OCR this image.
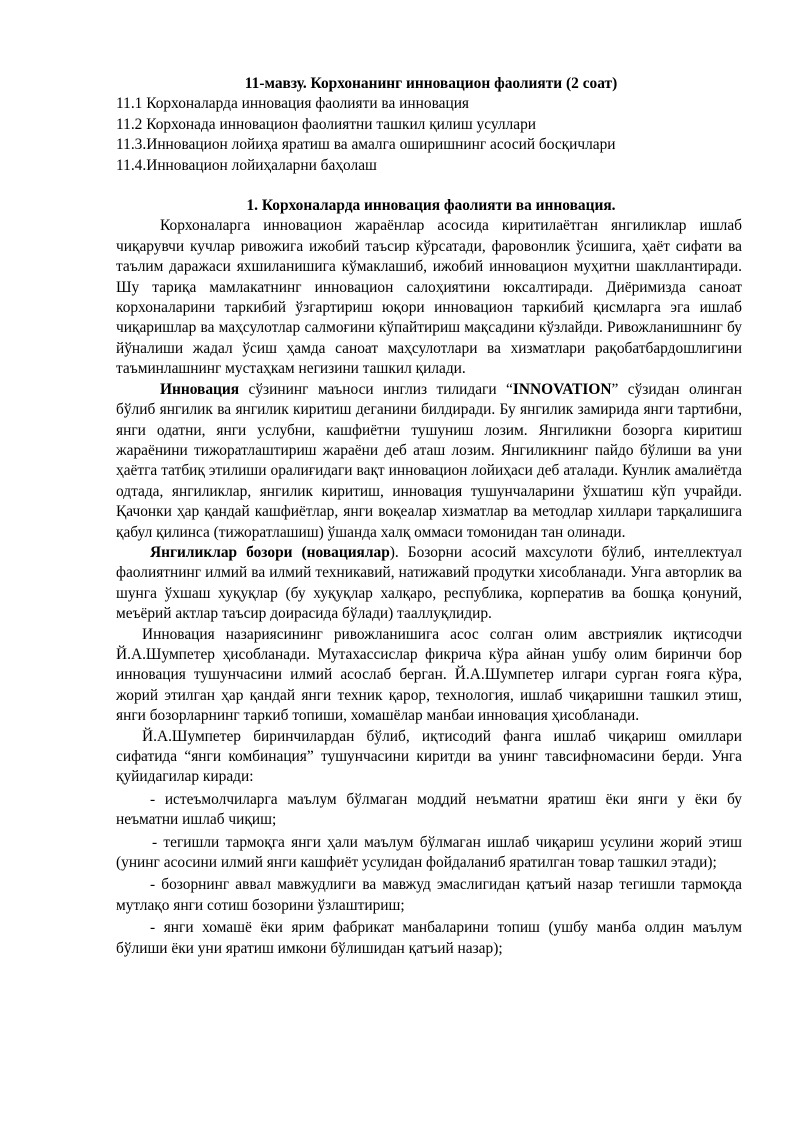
11-мавзу. Корхонанинг инновацион фаолияти (2 соат)

11.1 Корхоналарда инновация фаолияти ва инновация

11.2 Корхонада инновацион фаолиятни ташкил қилиш усуллари

11.3.Инновацион лойиҳа яратиш ва амалга оширишнинг асосий босқичлари

11.4.Инновацион лойиҳаларни баҳолаш

1. Корхоналарда инновация фаолияти ва инновация.

Корхоналарга инновацион жараёнлар асосида киритилаётган янгиликлар ишлаб чиқарувчи кучлар ривожига ижобий таъсир кўрсатади, фаровонлик ўсишига, ҳаёт сифати ва таълим даражаси яхшиланишига кўмаклашиб, ижобий инновацион муҳитни шакллантиради. Шу тариқа мамлакатнинг инновацион салоҳиятини юксалтиради. Диёримизда саноат корхоналарини таркибий ўзгартириш юқори инновацион таркибий қисмларга эга ишлаб чиқаришлар ва маҳсулотлар салмоғини кўпайтириш мақсадини кўзлайди. Ривожланишнинг бу йўналиши жадал ўсиш ҳамда саноат маҳсулотлари ва хизматлари рақобатбардошлигини таъминлашнинг мустаҳкам негизини ташкил қилади.

Инновация сўзининг маъноси инглиз тилидаги “INNOVATION” сўзидан олинган бўлиб янгилик ва янгилик киритиш деганини билдиради. Бу янгилик замирида янги тартибни, янги одатни, янги услубни, кашфиётни тушуниш лозим. Янгиликни бозорга киритиш жараёнини тижоратлаштириш жараёни деб аташ лозим. Янгиликнинг пайдо бўлиши ва уни ҳаётга татбиқ этилиши оралиғидаги вақт инновацион лойиҳаси деб аталади. Кунлик амалиётда одтада, янгиликлар, янгилик киритиш, инновация тушунчаларини ўхшатиш кўп учрайди. Қачонки ҳар қандай кашфиётлар, янги воқеалар хизматлар ва методлар хиллари тарқалишига қабул қилинса (тижоратлашиш) ўшанда халқ оммаси томонидан тан олинади.

Янгиликлар бозори (новациялар). Бозорни асосий махсулоти бўлиб, интеллектуал фаолиятнинг илмий ва илмий техникавий, натижавий продутки хисобланади. Унга авторлик ва шунга ўхшаш хуқуқлар (бу хуқуқлар халқаро, республика, корператив ва бошқа қонуний, меъёрий актлар таъсир доирасида бўлади) тааллуқлидир.

Инновация назариясининг ривожланишига асос солган олим австриялик иқтисодчи Й.А.Шумпетер ҳисобланади. Мутахассислар фикрича кўра айнан ушбу олим биринчи бор инновация тушунчасини илмий асослаб берган. Й.А.Шумпетер илгари сурган ғояга кўра, жорий этилган ҳар қандай янги техник қарор, технология, ишлаб чиқаришни ташкил этиш, янги бозорларнинг таркиб топиши, хомашёлар манбаи инновация ҳисобланади.

Й.А.Шумпетер биринчилардан бўлиб, иқтисодий фанга ишлаб чиқариш омиллари сифатида “янги комбинация” тушунчасини киритди ва унинг тавсифномасини берди. Унга қуйидагилар киради:

- истеъмолчиларга маълум бўлмаган моддий неъматни яратиш ёки янги у ёки бу неъматни ишлаб чиқиш;

- тегишли тармоқга янги ҳали маълум бўлмаган ишлаб чиқариш усулини жорий этиш (унинг асосини илмий янги кашфиёт усулидан фойдаланиб яратилган товар ташкил этади);

- бозорнинг аввал мавжудлиги ва мавжуд эмаслигидан қатъий назар тегишли тармоқда мутлақо янги сотиш бозорини ўзлаштириш;

- янги хомашё ёки ярим фабрикат манбаларини топиш (ушбу манба олдин маълум бўлиши ёки уни яратиш имкони бўлишидан қатъий назар);
